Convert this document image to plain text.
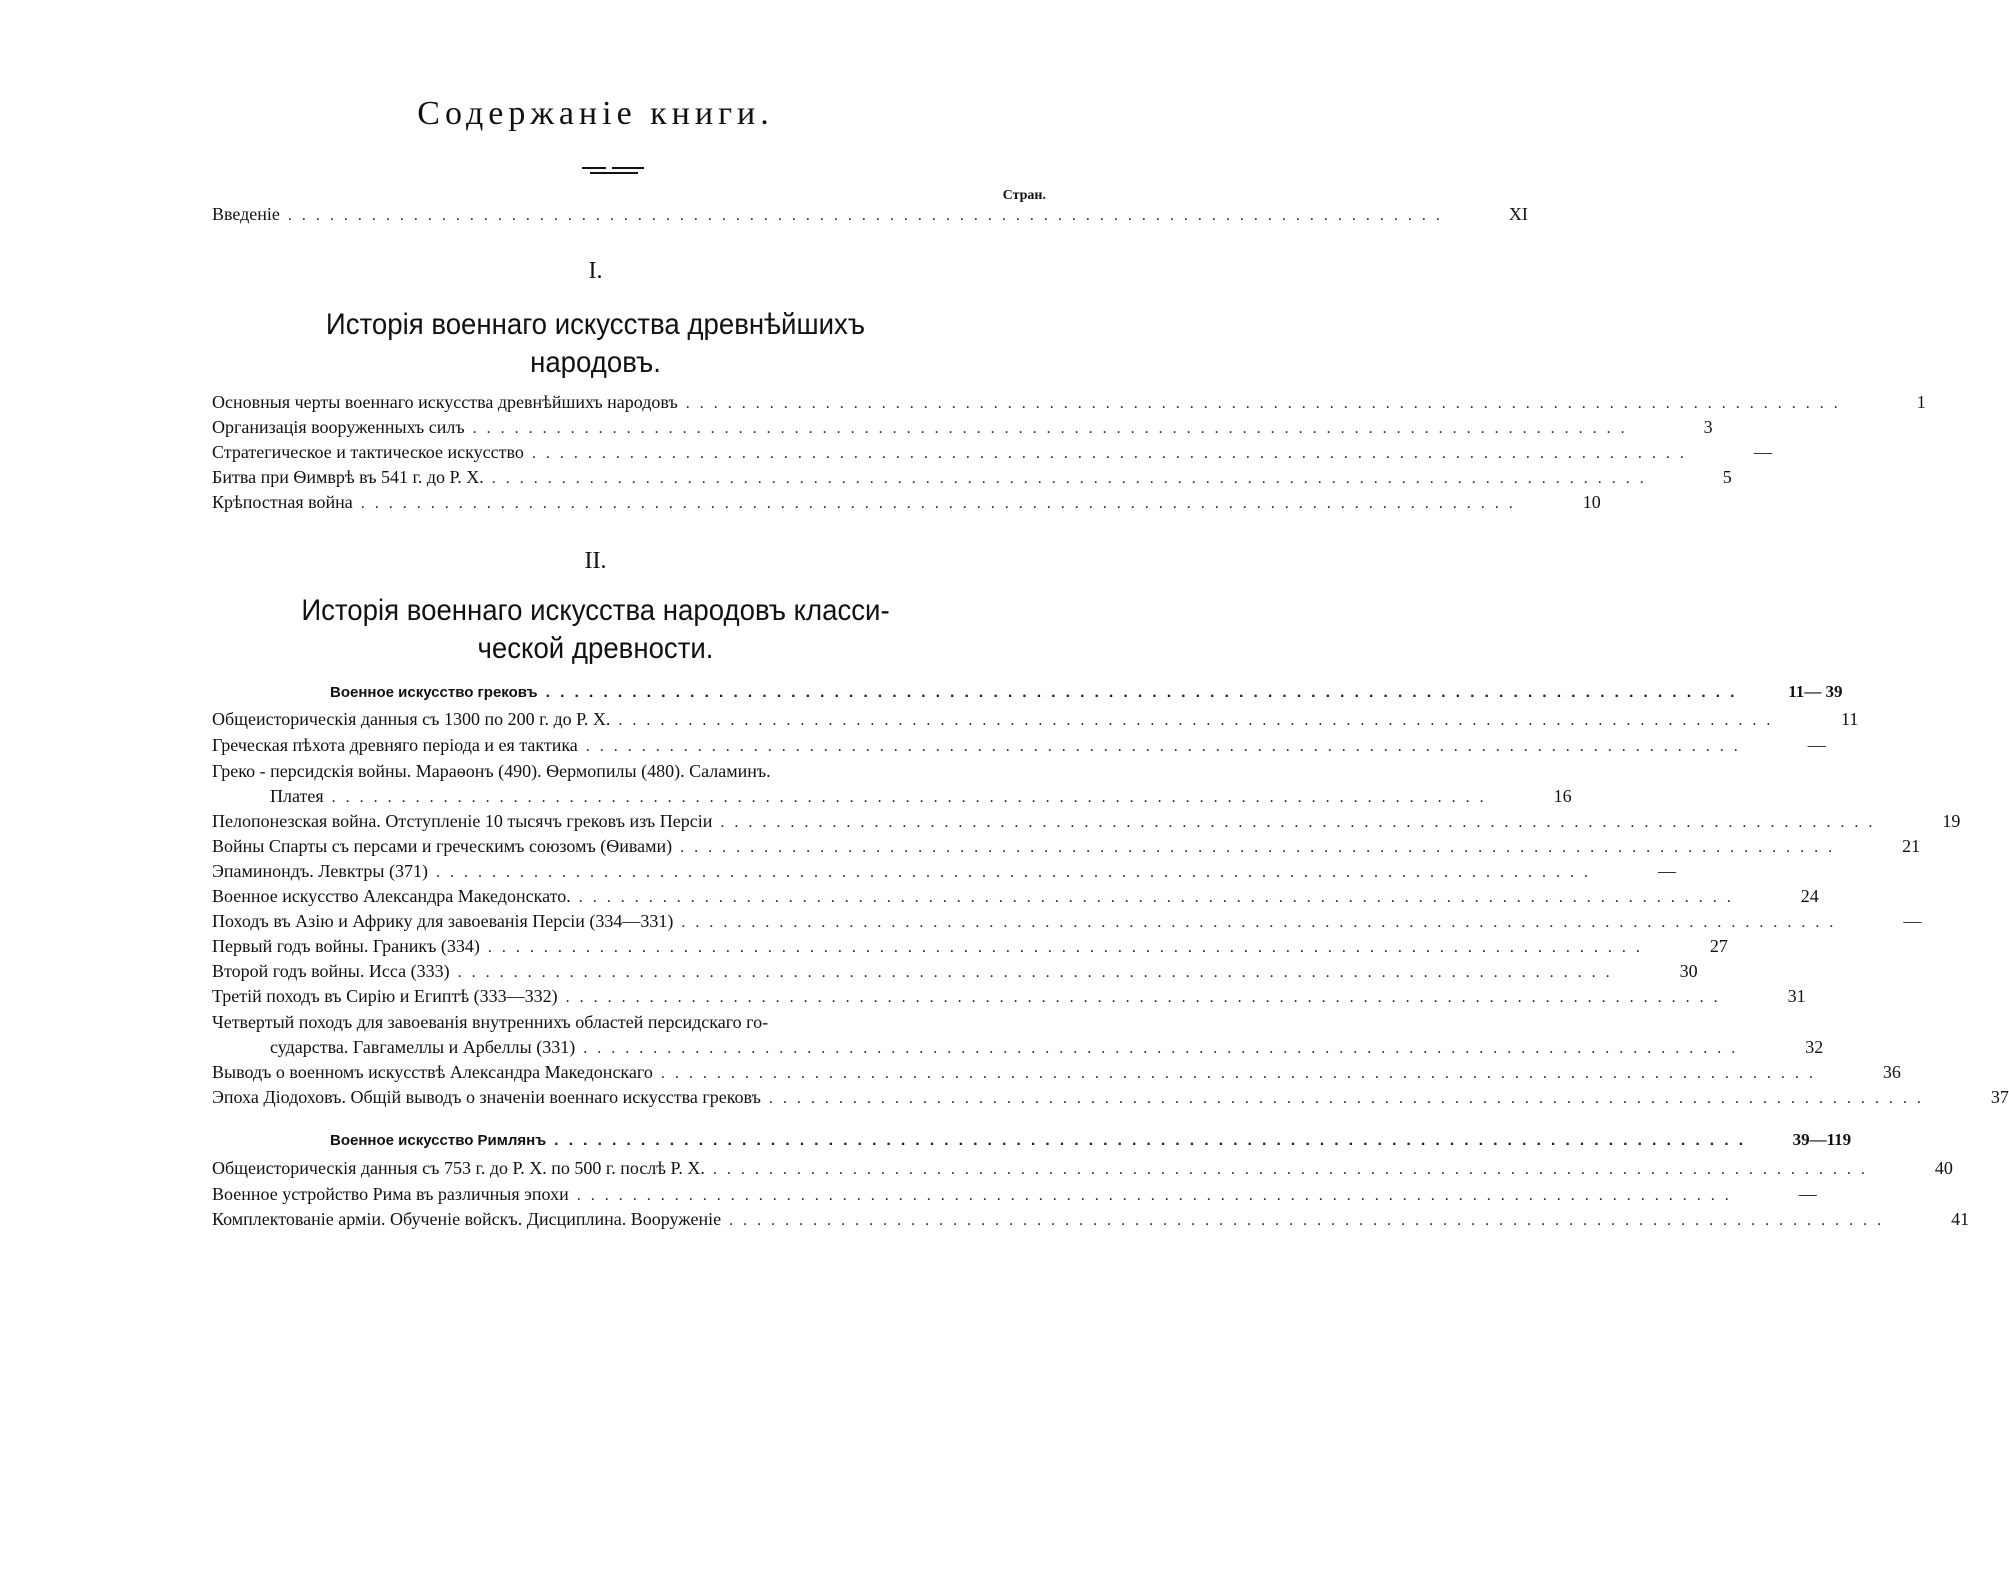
Содержаніе книги.
Стран.
Введеніе ...................................................................................	XI
I.
Исторія военнаго искусства древнѣйшихъ
народовъ.
Основныя черты военнаго искусства древнѣйшихъ народовъ ...................................................................................	1
Организація вооруженныхъ силъ ...................................................................................	3
Стратегическое и тактическое искусство ...................................................................................	—
Битва при Ѳимврѣ въ 541 г. до Р. Х. ...................................................................................	5
Крѣпостная война ...................................................................................	10
II.
Исторія военнаго искусства народовъ класси-
ческой древности.
Военное искусство грековъ ...................................................................................	11— 39
Общеисторическія данныя съ 1300 по 200 г. до Р. Х. ...................................................................................	11
Греческая пѣхота древняго періода и ея тактика ...................................................................................	—
Греко - персидскія войны. Мараѳонъ (490). Ѳермопилы (480). Саламинъ.
Платея ...................................................................................	16
Пелопонезская война. Отступленіе 10 тысячъ грековъ изъ Персіи ...................................................................................	19
Войны Спарты съ персами и греческимъ союзомъ (Ѳивами) ...................................................................................	21
Эпаминондъ. Левктры (371) ...................................................................................	—
Военное искусство Александра Македонскато. ...................................................................................	24
Походъ въ Азію и Африку для завоеванія Персіи (334—331) ...................................................................................	—
Первый годъ войны. Граникъ (334) ...................................................................................	27
Второй годъ войны. Исса (333) ...................................................................................	30
Третій походъ въ Сирію и Египтѣ (333—332) ...................................................................................	31
Четвертый походъ для завоеванія внутреннихъ областей персидскаго го-
сударства. Гавгамеллы и Арбеллы (331) ...................................................................................	32
Выводъ о военномъ искусствѣ Александра Македонскаго ...................................................................................	36
Эпоха Діодоховъ. Общій выводъ о значеніи военнаго искусства грековъ ...................................................................................	37
Военное искусство Римлянъ ...................................................................................	39—119
Общеисторическія данныя съ 753 г. до Р. Х. по 500 г. послѣ Р. Х. ...................................................................................	40
Военное устройство Рима въ различныя эпохи ...................................................................................	—
Комплектованіе арміи. Обученіе войскъ. Дисциплина. Вооруженіе ...................................................................................	41
